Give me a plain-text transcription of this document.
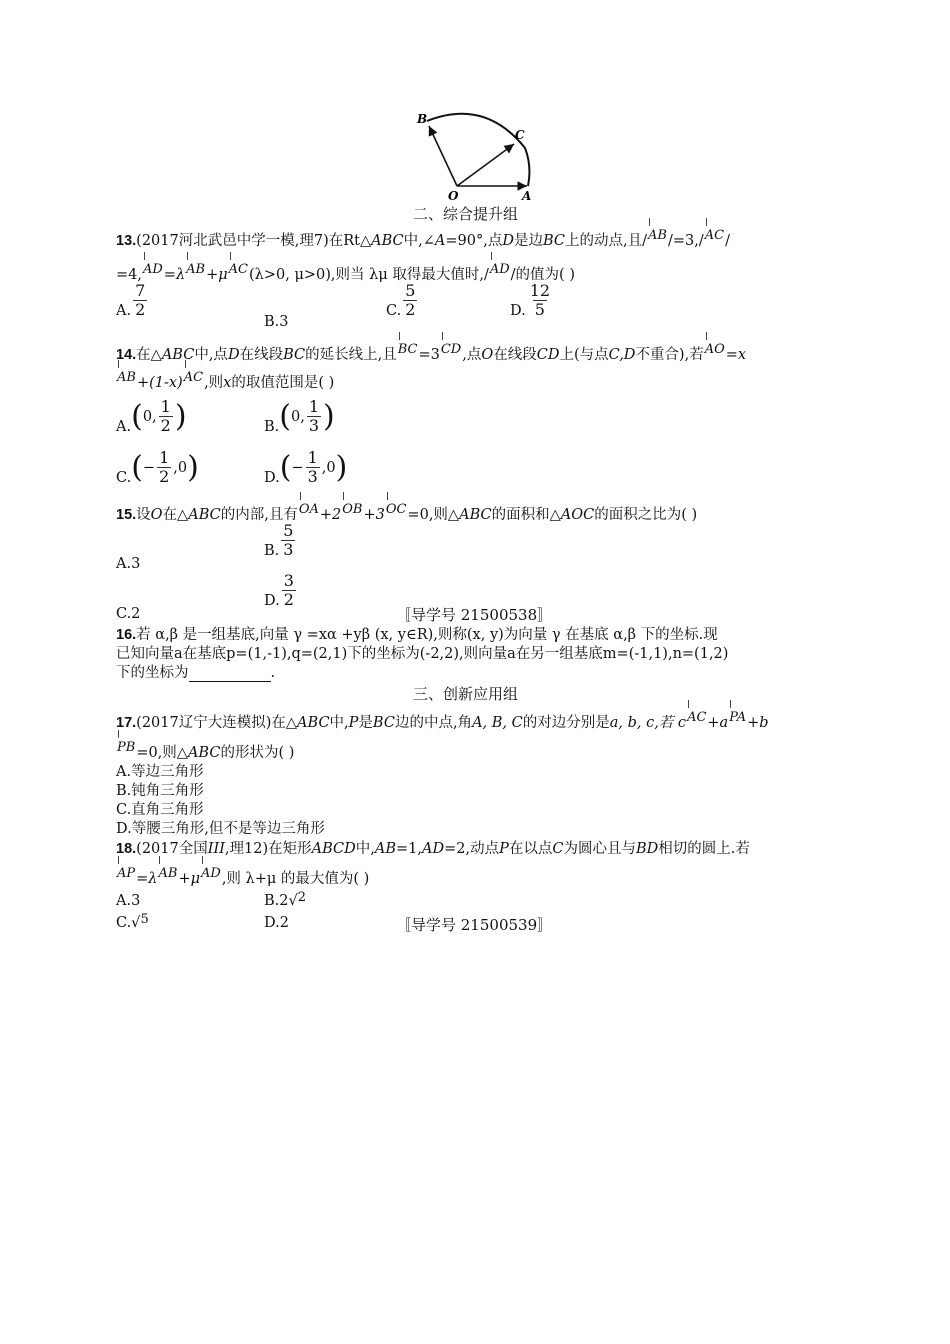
B
C
O	A
二、综合提升组
13.(2017河北武邑中学一模,理7)在Rt△ABC中,∠A=90°,点D是边BC上的动点,且/AB/=3,/AC/
=4,AD=λAB+μAC(λ>0, μ>0),则当 λμ 取得最大值时,/AD/的值为( )
A. $\frac{7}{2}$
B.3
C. $\frac{5}{2}$	D. $\frac{12}{5}$
14.在△ABC中,点D在线段BC的延长线上,且BC=3CD,点O在线段CD上(与点C,D不重合),若AO=x
AB+(1-x)AC,则x的取值范围是( )
A. ( 0, $\frac{1}{2}$ )	B. ( 0, $\frac{1}{3}$ )
C. ( − $\frac{1}{2} ,0$ )	D. ( − $\frac{1}{3} ,0$ )
15.设O在△ABC的内部,且有OA+2OB+3OC=0,则△ABC的面积和△AOC的面积之比为( )
A.3
B. $\frac{5}{3}$
C.2
D. $\frac{3}{2}$
〚导学号 21500538〛
16.若 α,β 是一组基底,向量 γ =xα +yβ (x, y∈R),则称(x, y)为向量 γ 在基底 α,β 下的坐标.现
已知向量a在基底p=(1,-1),q=(2,1)下的坐标为(-2,2),则向量a在另一组基底m=(-1,1),n=(1,2)
下的坐标为	.
三、创新应用组
17.(2017辽宁大连模拟)在△ABC中,P是BC边的中点,角A, B, C的对边分别是a, b, c,若 cAC+aPA+b
PB=0,则△ABC的形状为( )
A.等边三角形
B.钝角三角形
C.直角三角形
D.等腰三角形,但不是等边三角形
18.(2017全国III,理12)在矩形ABCD中,AB=1,AD=2,动点P在以点C为圆心且与BD相切的圆上.若
AP=λAB+μAD,则 λ+μ 的最大值为( )
A.3	B.2√2
C.√5	D.2	〚导学号 21500539〛
